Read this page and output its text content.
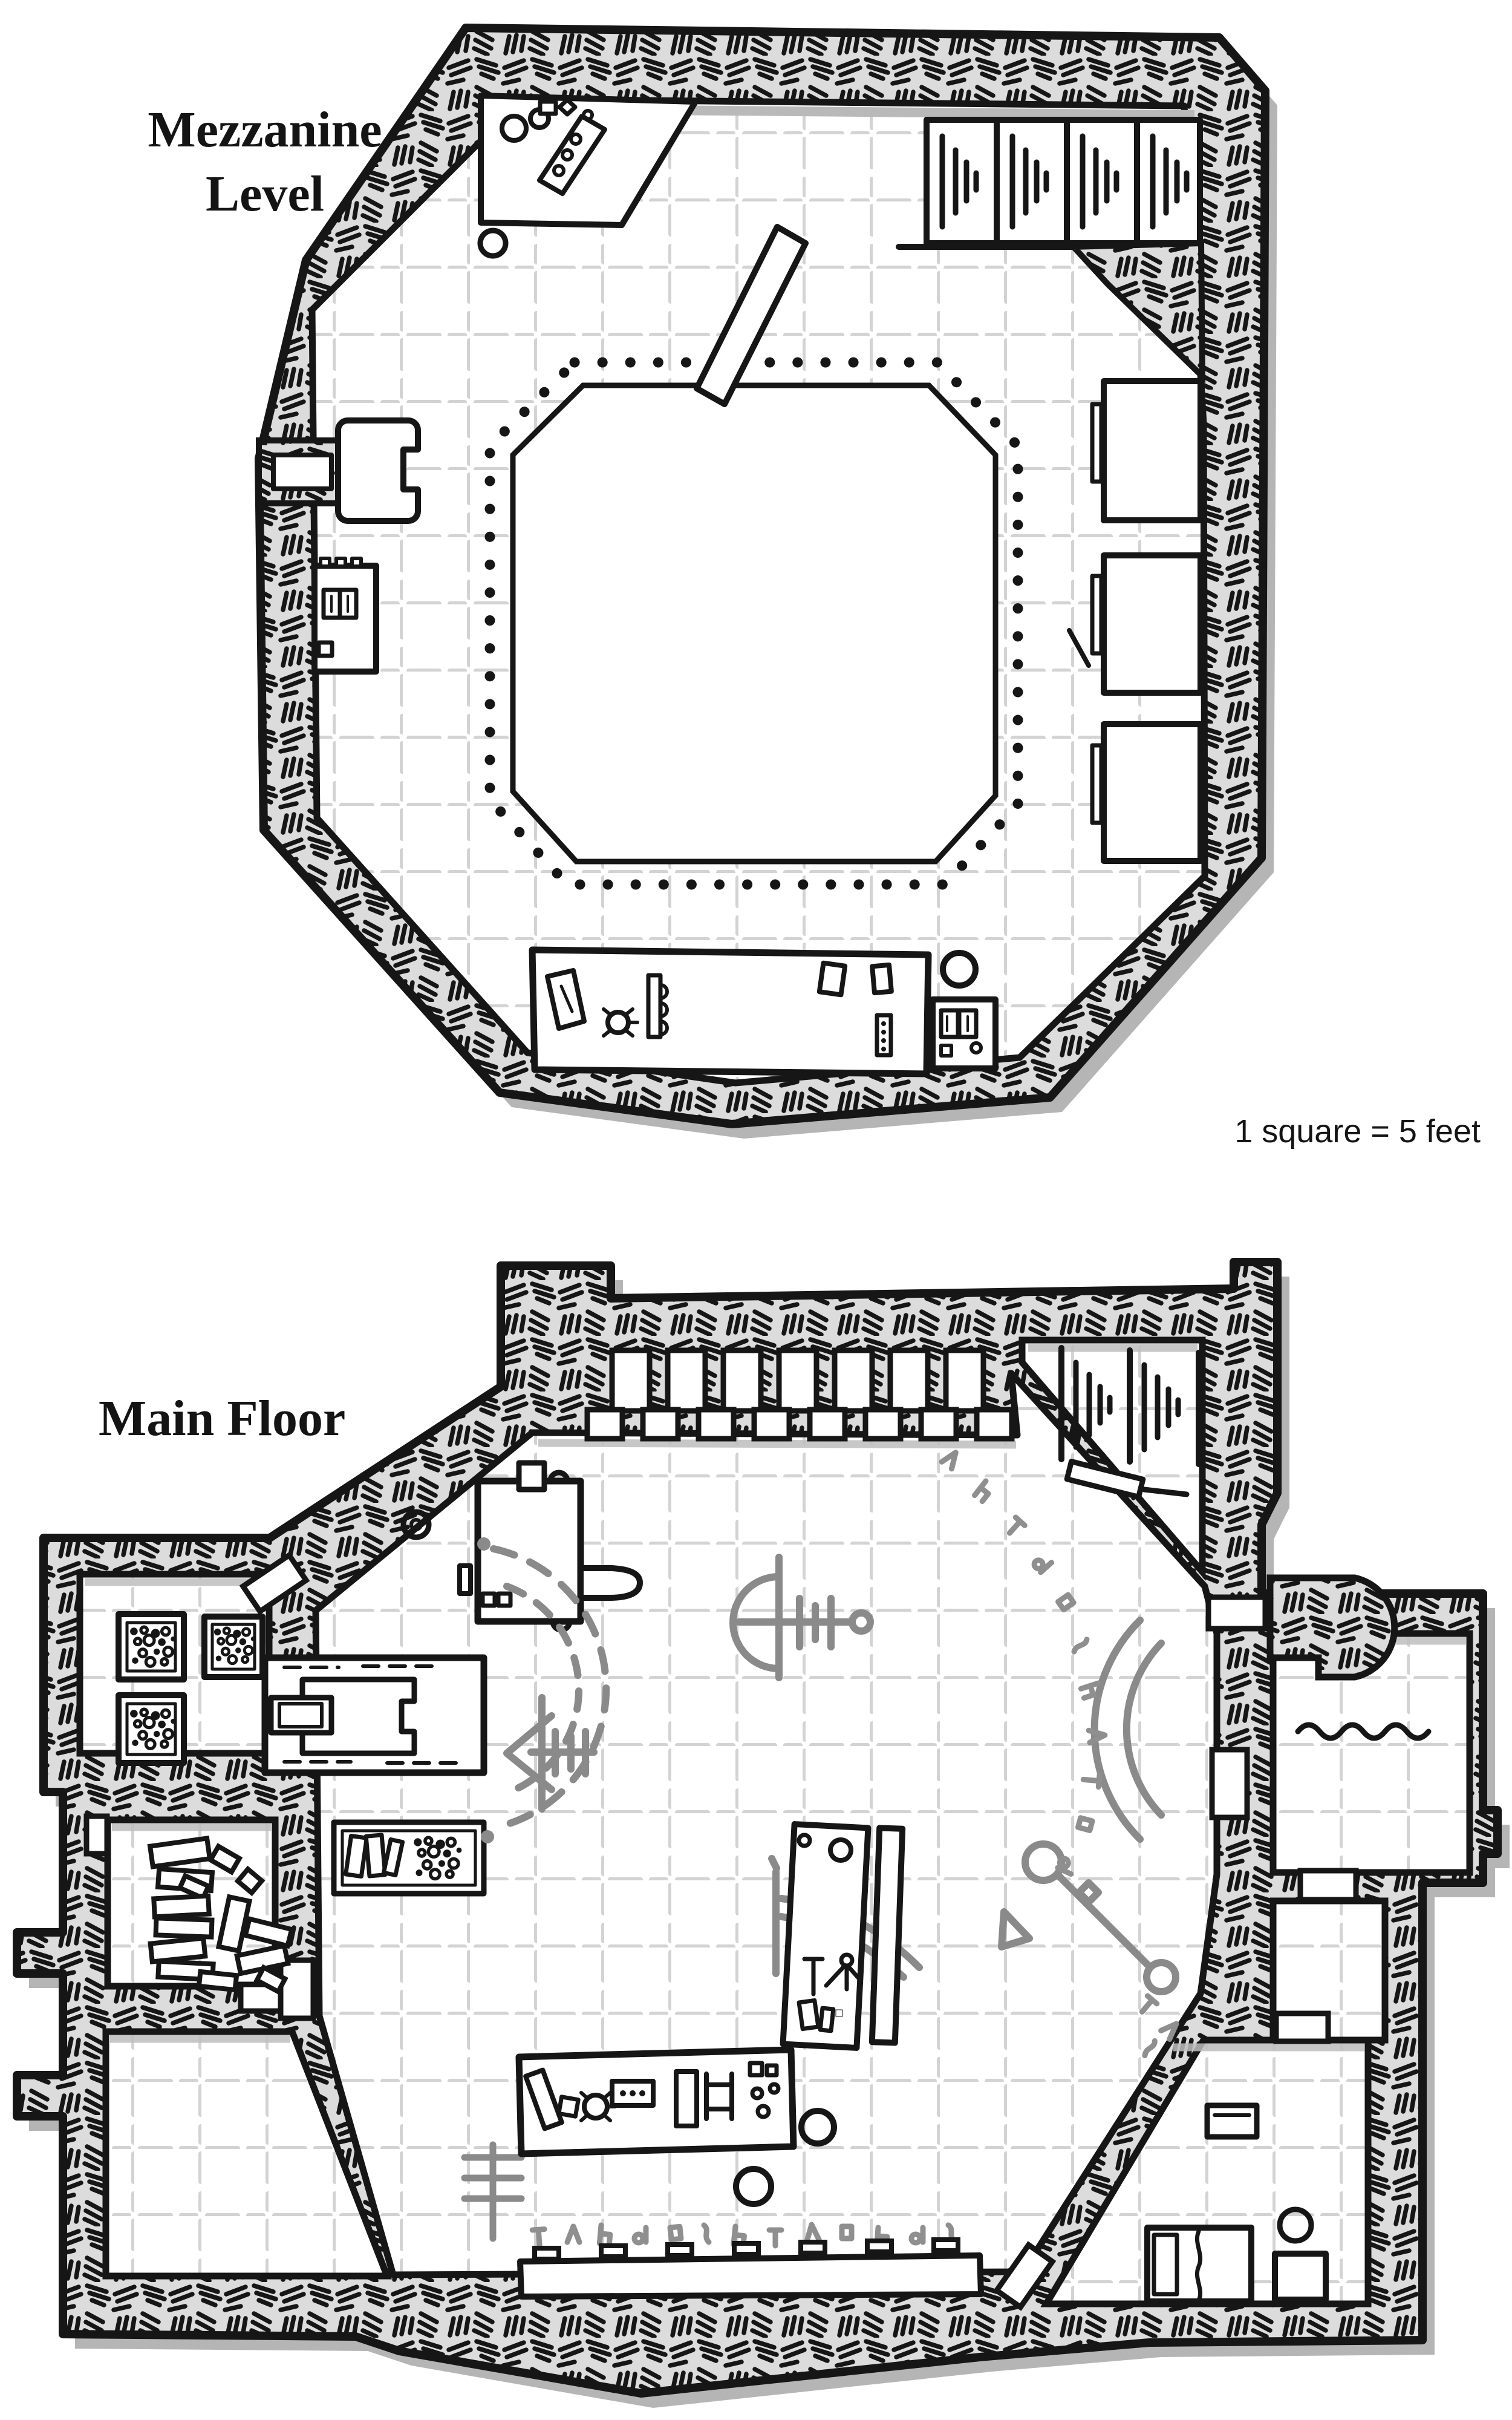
Mezzanine
Level
1 square = 5 feet
Main Floor
